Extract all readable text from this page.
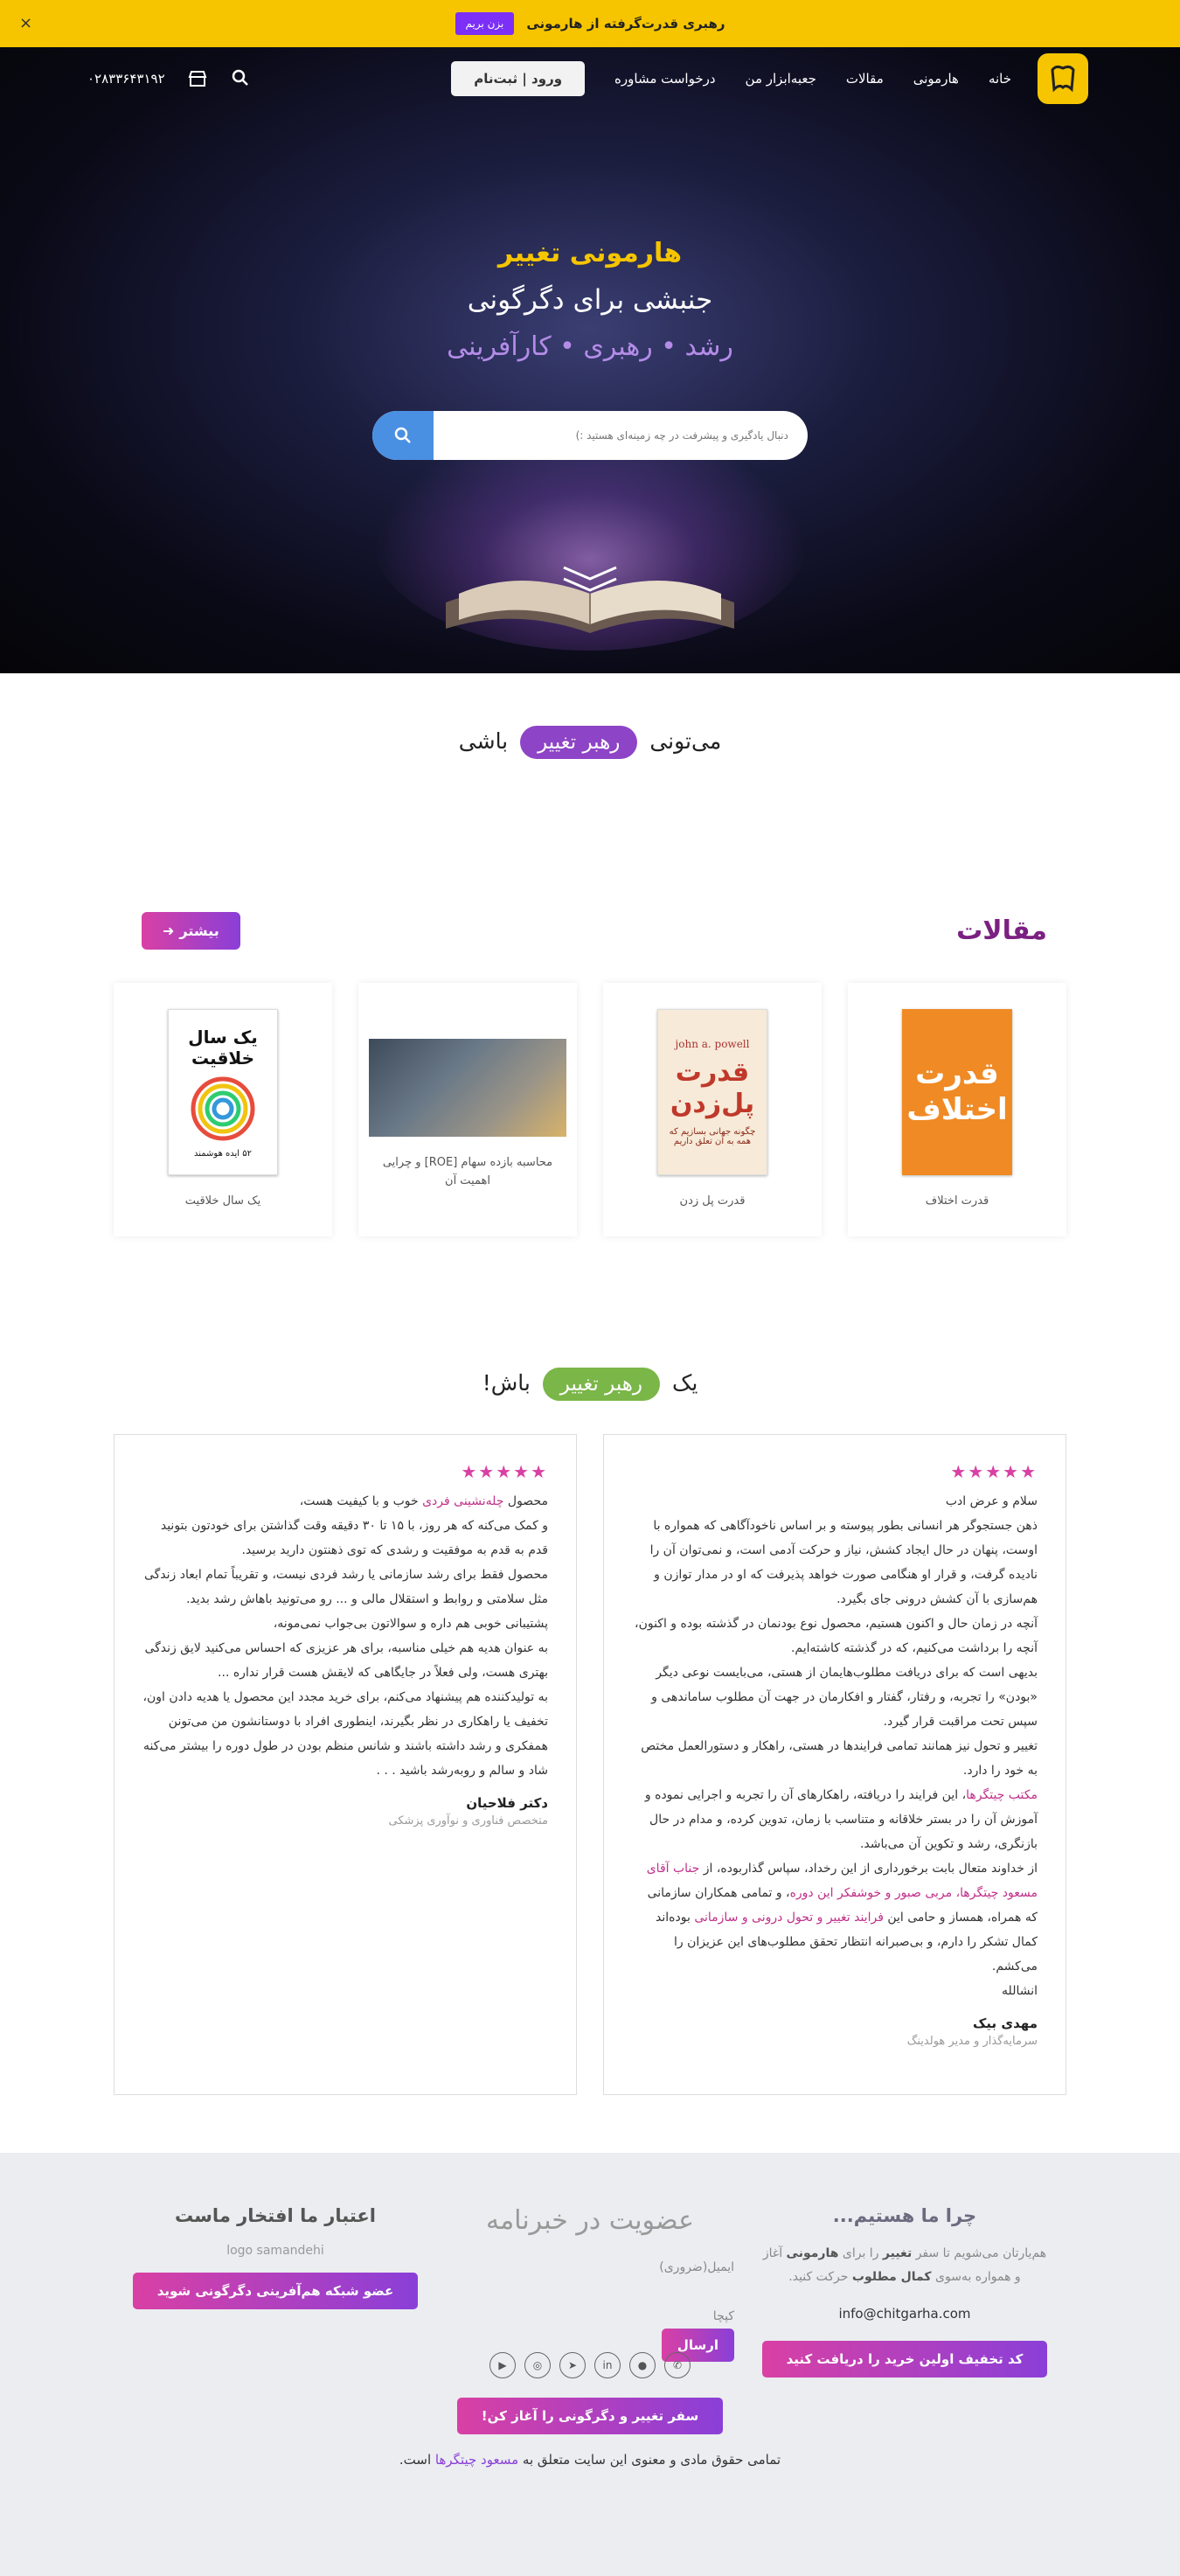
رهبری قدرت‌گرفته از هارمونی
بزن بریم
×
خانه
هارمونی
مقالات
جعبه‌ابزار من
درخواست مشاوره
ورود | ثبت‌نام
۰۲۸۳۳۶۴۳۱۹۲
هارمونی تغییر
جنبشی برای دگرگونی
رشد • رهبری • کارآفرینی
دنبال یادگیری و پیشرفت در چه زمینه‌ای هستید :)
می‌تونی رهبر تغییر باشی
مقالات
بیشتر
➜
قدرت اختلاف
قدرت اختلاف
john a. powell
قدرت پل‌زدن
چگونه جهانی بسازیم که همه به آن تعلق داریم
قدرت پل زدن
محاسبه بازده سهام [ROE] و چرایی اهمیت آن
یک سال خلاقیت
۵۲ ایده هوشمند
یک سال خلاقیت
یک رهبر تغییر باش!
★★★★★
سلام و عرض ادب
ذهن جستجوگر هر انسانی بطور پیوسته و بر اساس ناخودآگاهی که همواره با اوست، پنهان در حال ایجاد کشش، نیاز و حرکت آدمی است، و نمی‌توان آن را نادیده گرفت، و قرار او هنگامی صورت خواهد پذیرفت که او در مدار توازن و هم‌سازی با آن کشش درونی جای بگیرد.
آنچه در زمان حال و اکنون هستیم، محصول نوع بودنمان در گذشته بوده و اکنون، آنچه را برداشت می‌کنیم، که در گذشته کاشته‌ایم.
بدیهی است که برای دریافت مطلوب‌هایمان از هستی، می‌بایست نوعی دیگر «بودن» را تجربه، و رفتار، گفتار و افکارمان در جهت آن مطلوب ساماندهی و سپس تحت مراقبت قرار گیرد.
تغییر و تحول نیز همانند تمامی فرایندها در هستی، راهکار و دستورالعمل مختص به خود را دارد.
مکتب چیتگرها، این فرایند را دریافته، راهکارهای آن را تجربه و اجرایی نموده و آموزش آن را در بستر خلاقانه و متناسب با زمان، تدوین کرده، و مدام در حال بازنگری، رشد و تکوین آن می‌باشد.
از خداوند متعال بابت برخورداری از این رخداد، سپاس گذاربوده، از جناب آقای مسعود چیتگرها، مربی صبور و خوشفکر این دوره، و تمامی همکاران سازمانی که همراه، همساز و حامی این فرایند تغییر و تحول درونی و سازمانی بوده‌اند کمال تشکر را دارم، و بی‌صبرانه انتظار تحقق مطلوب‌های این عزیزان را می‌کشم.
انشالله
مهدی بیک
سرمایه‌گذار و مدیر هولدینگ
★★★★★
محصول چلەنشینی فردی خوب و با کیفیت هست،
و کمک می‌کنه که هر روز، با ۱۵ تا ۳۰ دقیقه وقت گذاشتن برای خودتون بتونید قدم به قدم به موفقیت و رشدی که توی ذهنتون دارید برسید.
محصول فقط برای رشد سازمانی یا رشد فردی نیست، و تقریباً تمام ابعاد زندگی مثل سلامتی و روابط و استقلال مالی و ... رو می‌تونید باهاش رشد بدید.
پشتیبانی خوبی هم داره و سوالاتون بی‌جواب نمی‌مونه،
به عنوان هدیه هم خیلی مناسبه، برای هر عزیزی که احساس می‌کنید لایق زندگی بهتری هست، ولی فعلاً در جایگاهی که لایقش هست قرار نداره ...
به تولیدکننده هم پیشنهاد می‌کنم، برای خرید مجدد این محصول یا هدیه دادن اون، تخفیف یا راهکاری در نظر بگیرند، اینطوری افراد با دوستانشون من می‌تونن همفکری و رشد داشته باشند و شانس منظم بودن در طول دوره را بیشتر می‌کنه
شاد و سالم و روبه‌رشد باشید . . .
دکتر فلاحیان
متخصص فناوری و نوآوری پزشکی
چرا ما هستیم...

هم‌یارتان می‌شویم تا سفر تغییر را برای هارمونی آغاز
و همواره به‌سوی کمال مطلوب حرکت کنید.

info@chitgarha.com
کد تخفیف اولین خرید را دریافت کنید
عضویت در خبرنامه
ایمیل(ضروری)
کپچا
ارسال
اعتبار ما افتخار ماست
logo samandehi
عضو شبکه هم‌آفرینی دگرگونی شوید
▶	◎	➤	in	●	✆
سفر تغییر و دگرگونی را آغاز کن!
تمامی حقوق مادی و معنوی این سایت متعلق به مسعود چیتگرها است.
